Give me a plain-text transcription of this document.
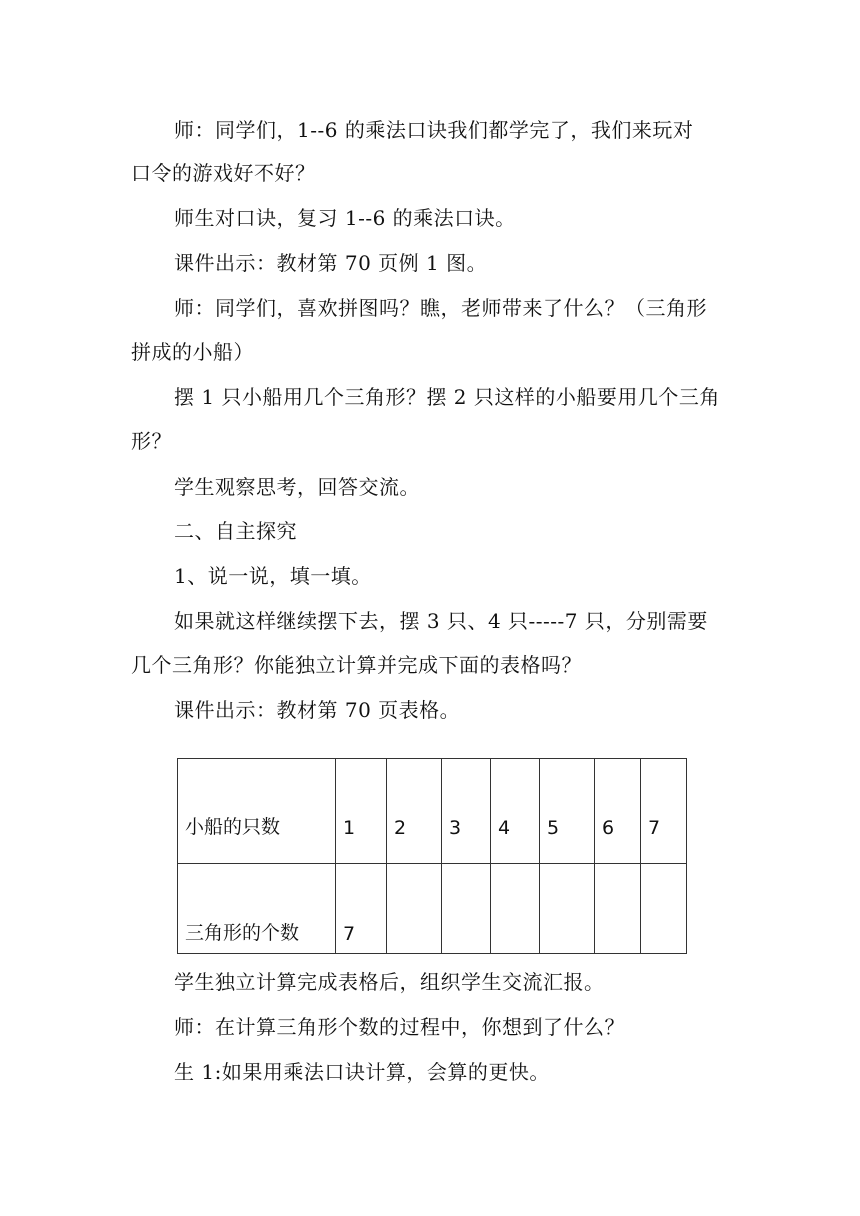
师：同学们，1--6 的乘法口诀我们都学完了，我们来玩对

口令的游戏好不好？

师生对口诀，复习 1--6 的乘法口诀。

课件出示：教材第 70 页例 1 图。

师：同学们，喜欢拼图吗？瞧，老师带来了什么？（三角形

拼成的小船）

摆 1 只小船用几个三角形？摆 2 只这样的小船要用几个三角

形？

学生观察思考，回答交流。

二、自主探究

1、说一说，填一填。

如果就这样继续摆下去，摆 3 只、4 只-----7 只，分别需要

几个三角形？你能独立计算并完成下面的表格吗？

课件出示：教材第 70 页表格。

小船的只数	1	2	3	4	5	6	7
三角形的个数	7						

学生独立计算完成表格后，组织学生交流汇报。

师：在计算三角形个数的过程中，你想到了什么？

生 1:如果用乘法口诀计算，会算的更快。
